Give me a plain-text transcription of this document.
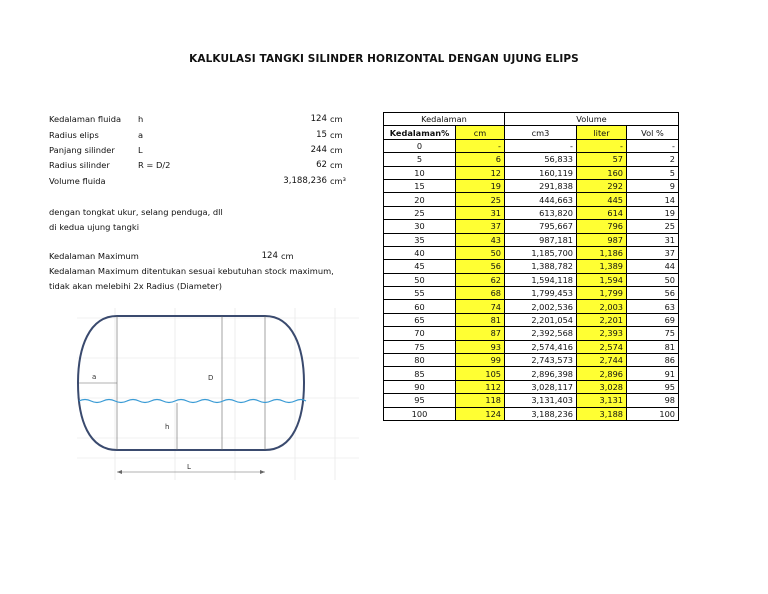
KALKULASI TANGKI SILINDER HORIZONTAL DENGAN UJUNG ELIPS
Kedalaman fluida	h	124 cm
Radius elips	a	15 cm
Panjang silinder	L	244 cm
Radius silinder	R = D/2	62 cm
Volume fluida	3,188,236 cm³
dengan tongkat ukur, selang penduga, dll
di kedua ujung tangki
Kedalaman Maximum	124 cm
Kedalaman Maximum ditentukan sesuai kebutuhan stock maximum,
tidak akan melebihi 2x Radius (Diameter)
Kedalaman		Volume		
Kedalaman%	cm	cm3	liter	Vol %
0	-	-	-	-
5	6	56,833	57	2
10	12	160,119	160	5
15	19	291,838	292	9
20	25	444,663	445	14
25	31	613,820	614	19
30	37	795,667	796	25
35	43	987,181	987	31
40	50	1,185,700	1,186	37
45	56	1,388,782	1,389	44
50	62	1,594,118	1,594	50
55	68	1,799,453	1,799	56
60	74	2,002,536	2,003	63
65	81	2,201,054	2,201	69
70	87	2,392,568	2,393	75
75	93	2,574,416	2,574	81
80	99	2,743,573	2,744	86
85	105	2,896,398	2,896	91
90	112	3,028,117	3,028	95
95	118	3,131,403	3,131	98
100	124	3,188,236	3,188	100
a	D
h
L
